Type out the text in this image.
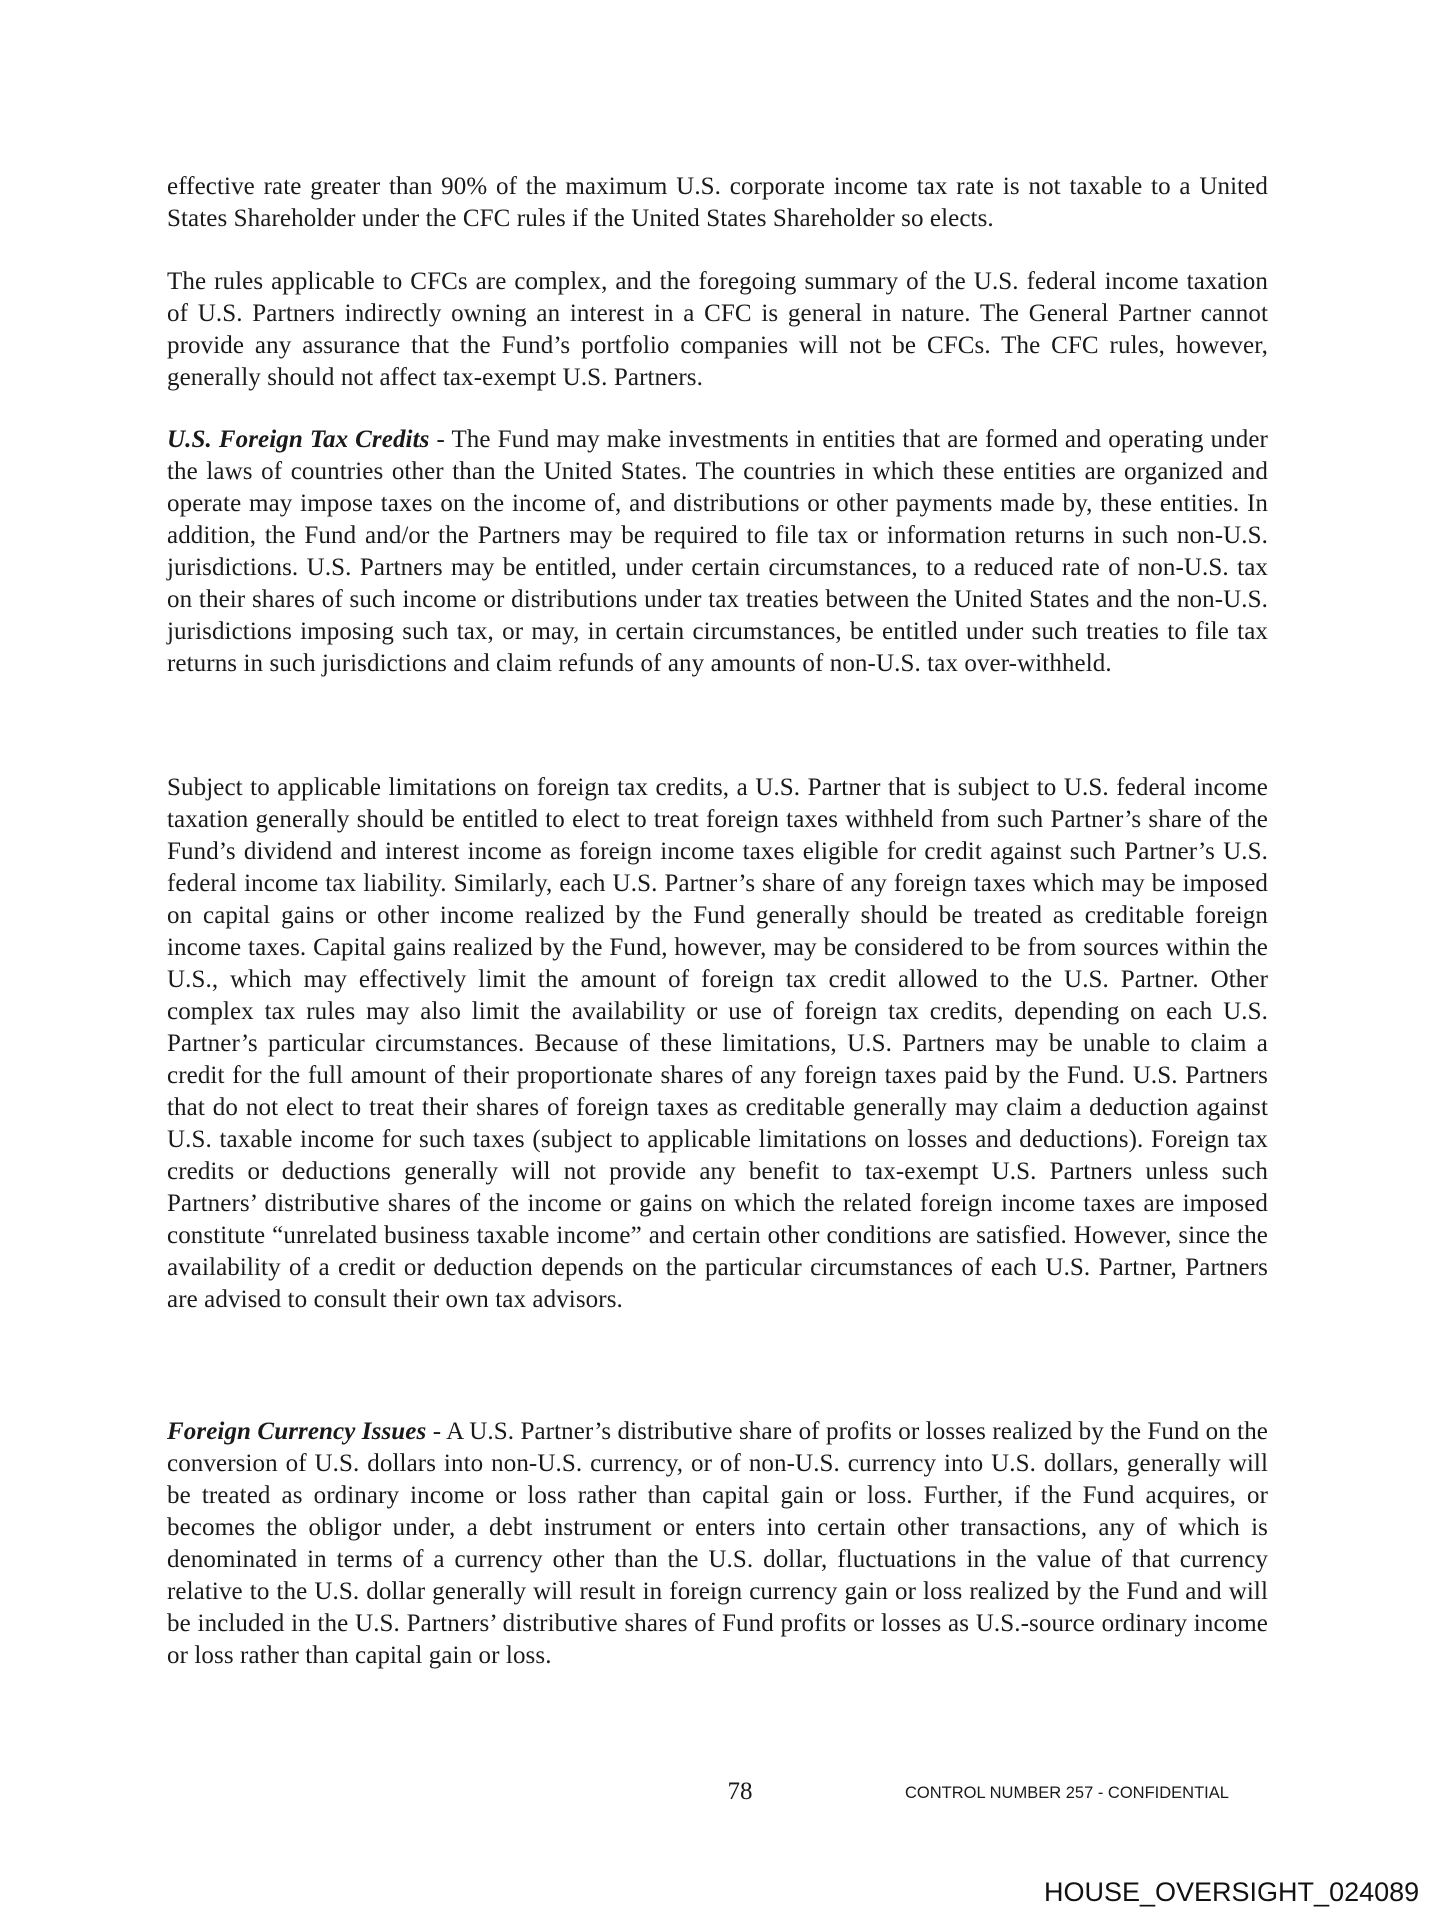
effective rate greater than 90% of the maximum U.S. corporate income tax rate is not taxable to a United States Shareholder under the CFC rules if the United States Shareholder so elects.

The rules applicable to CFCs are complex, and the foregoing summary of the U.S. federal income taxation of U.S. Partners indirectly owning an interest in a CFC is general in nature. The General Partner cannot provide any assurance that the Fund’s portfolio companies will not be CFCs. The CFC rules, however, generally should not affect tax-exempt U.S. Partners.

U.S. Foreign Tax Credits - The Fund may make investments in entities that are formed and operating under the laws of countries other than the United States. The countries in which these entities are organized and operate may impose taxes on the income of, and distributions or other payments made by, these entities. In addition, the Fund and/or the Partners may be required to file tax or information returns in such non-U.S. jurisdictions. U.S. Partners may be entitled, under certain circumstances, to a reduced rate of non-U.S. tax on their shares of such income or distributions under tax treaties between the United States and the non-U.S. jurisdictions imposing such tax, or may, in certain circumstances, be entitled under such treaties to file tax returns in such jurisdictions and claim refunds of any amounts of non-U.S. tax over-withheld.

Subject to applicable limitations on foreign tax credits, a U.S. Partner that is subject to U.S. federal income taxation generally should be entitled to elect to treat foreign taxes withheld from such Partner’s share of the Fund’s dividend and interest income as foreign income taxes eligible for credit against such Partner’s U.S. federal income tax liability. Similarly, each U.S. Partner’s share of any foreign taxes which may be imposed on capital gains or other income realized by the Fund generally should be treated as creditable foreign income taxes. Capital gains realized by the Fund, however, may be considered to be from sources within the U.S., which may effectively limit the amount of foreign tax credit allowed to the U.S. Partner. Other complex tax rules may also limit the availability or use of foreign tax credits, depending on each U.S. Partner’s particular circumstances. Because of these limitations, U.S. Partners may be unable to claim a credit for the full amount of their proportionate shares of any foreign taxes paid by the Fund. U.S. Partners that do not elect to treat their shares of foreign taxes as creditable generally may claim a deduction against U.S. taxable income for such taxes (subject to applicable limitations on losses and deductions). Foreign tax credits or deductions generally will not provide any benefit to tax-exempt U.S. Partners unless such Partners’ distributive shares of the income or gains on which the related foreign income taxes are imposed constitute “unrelated business taxable income” and certain other conditions are satisfied. However, since the availability of a credit or deduction depends on the particular circumstances of each U.S. Partner, Partners are advised to consult their own tax advisors.

Foreign Currency Issues - A U.S. Partner’s distributive share of profits or losses realized by the Fund on the conversion of U.S. dollars into non-U.S. currency, or of non-U.S. currency into U.S. dollars, generally will be treated as ordinary income or loss rather than capital gain or loss. Further, if the Fund acquires, or becomes the obligor under, a debt instrument or enters into certain other transactions, any of which is denominated in terms of a currency other than the U.S. dollar, fluctuations in the value of that currency relative to the U.S. dollar generally will result in foreign currency gain or loss realized by the Fund and will be included in the U.S. Partners’ distributive shares of Fund profits or losses as U.S.-source ordinary income or loss rather than capital gain or loss.

78	CONTROL NUMBER 257 - CONFIDENTIAL
HOUSE_OVERSIGHT_024089
